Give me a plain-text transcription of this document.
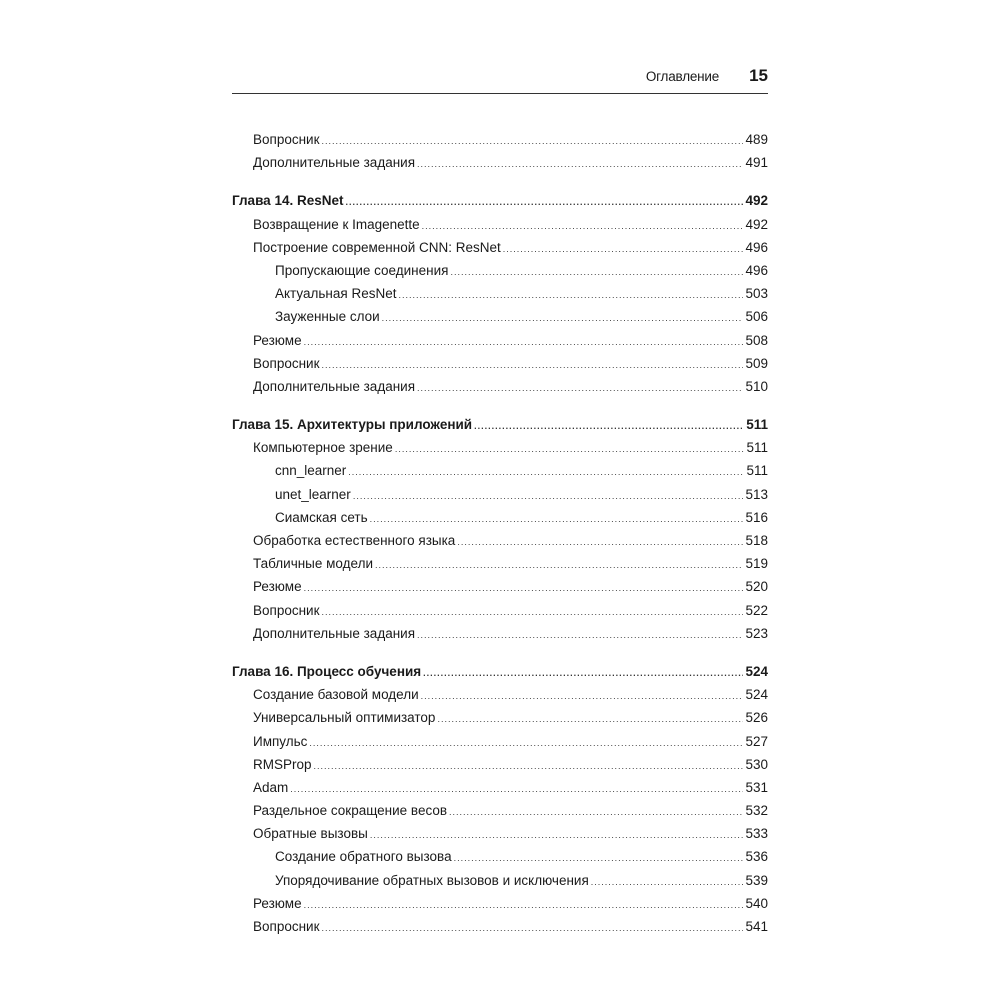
Оглавление 15
Вопросник .....	489
Дополнительные задания .....	491
Глава 14. ResNet .....	492
Возвращение к Imagenette .....	492
Построение современной CNN: ResNet .....	496
Пропускающие соединения .....	496
Актуальная ResNet .....	503
Зауженные слои .....	506
Резюме .....	508
Вопросник .....	509
Дополнительные задания .....	510
Глава 15. Архитектуры приложений .....	511
Компьютерное зрение .....	511
cnn_learner .....	511
unet_learner .....	513
Сиамская сеть .....	516
Обработка естественного языка .....	518
Табличные модели .....	519
Резюме .....	520
Вопросник .....	522
Дополнительные задания .....	523
Глава 16. Процесс обучения .....	524
Создание базовой модели .....	524
Универсальный оптимизатор .....	526
Импульс .....	527
RMSProp .....	530
Adam .....	531
Раздельное сокращение весов .....	532
Обратные вызовы .....	533
Создание обратного вызова .....	536
Упорядочивание обратных вызовов и исключения .....	539
Резюме .....	540
Вопросник .....	541
